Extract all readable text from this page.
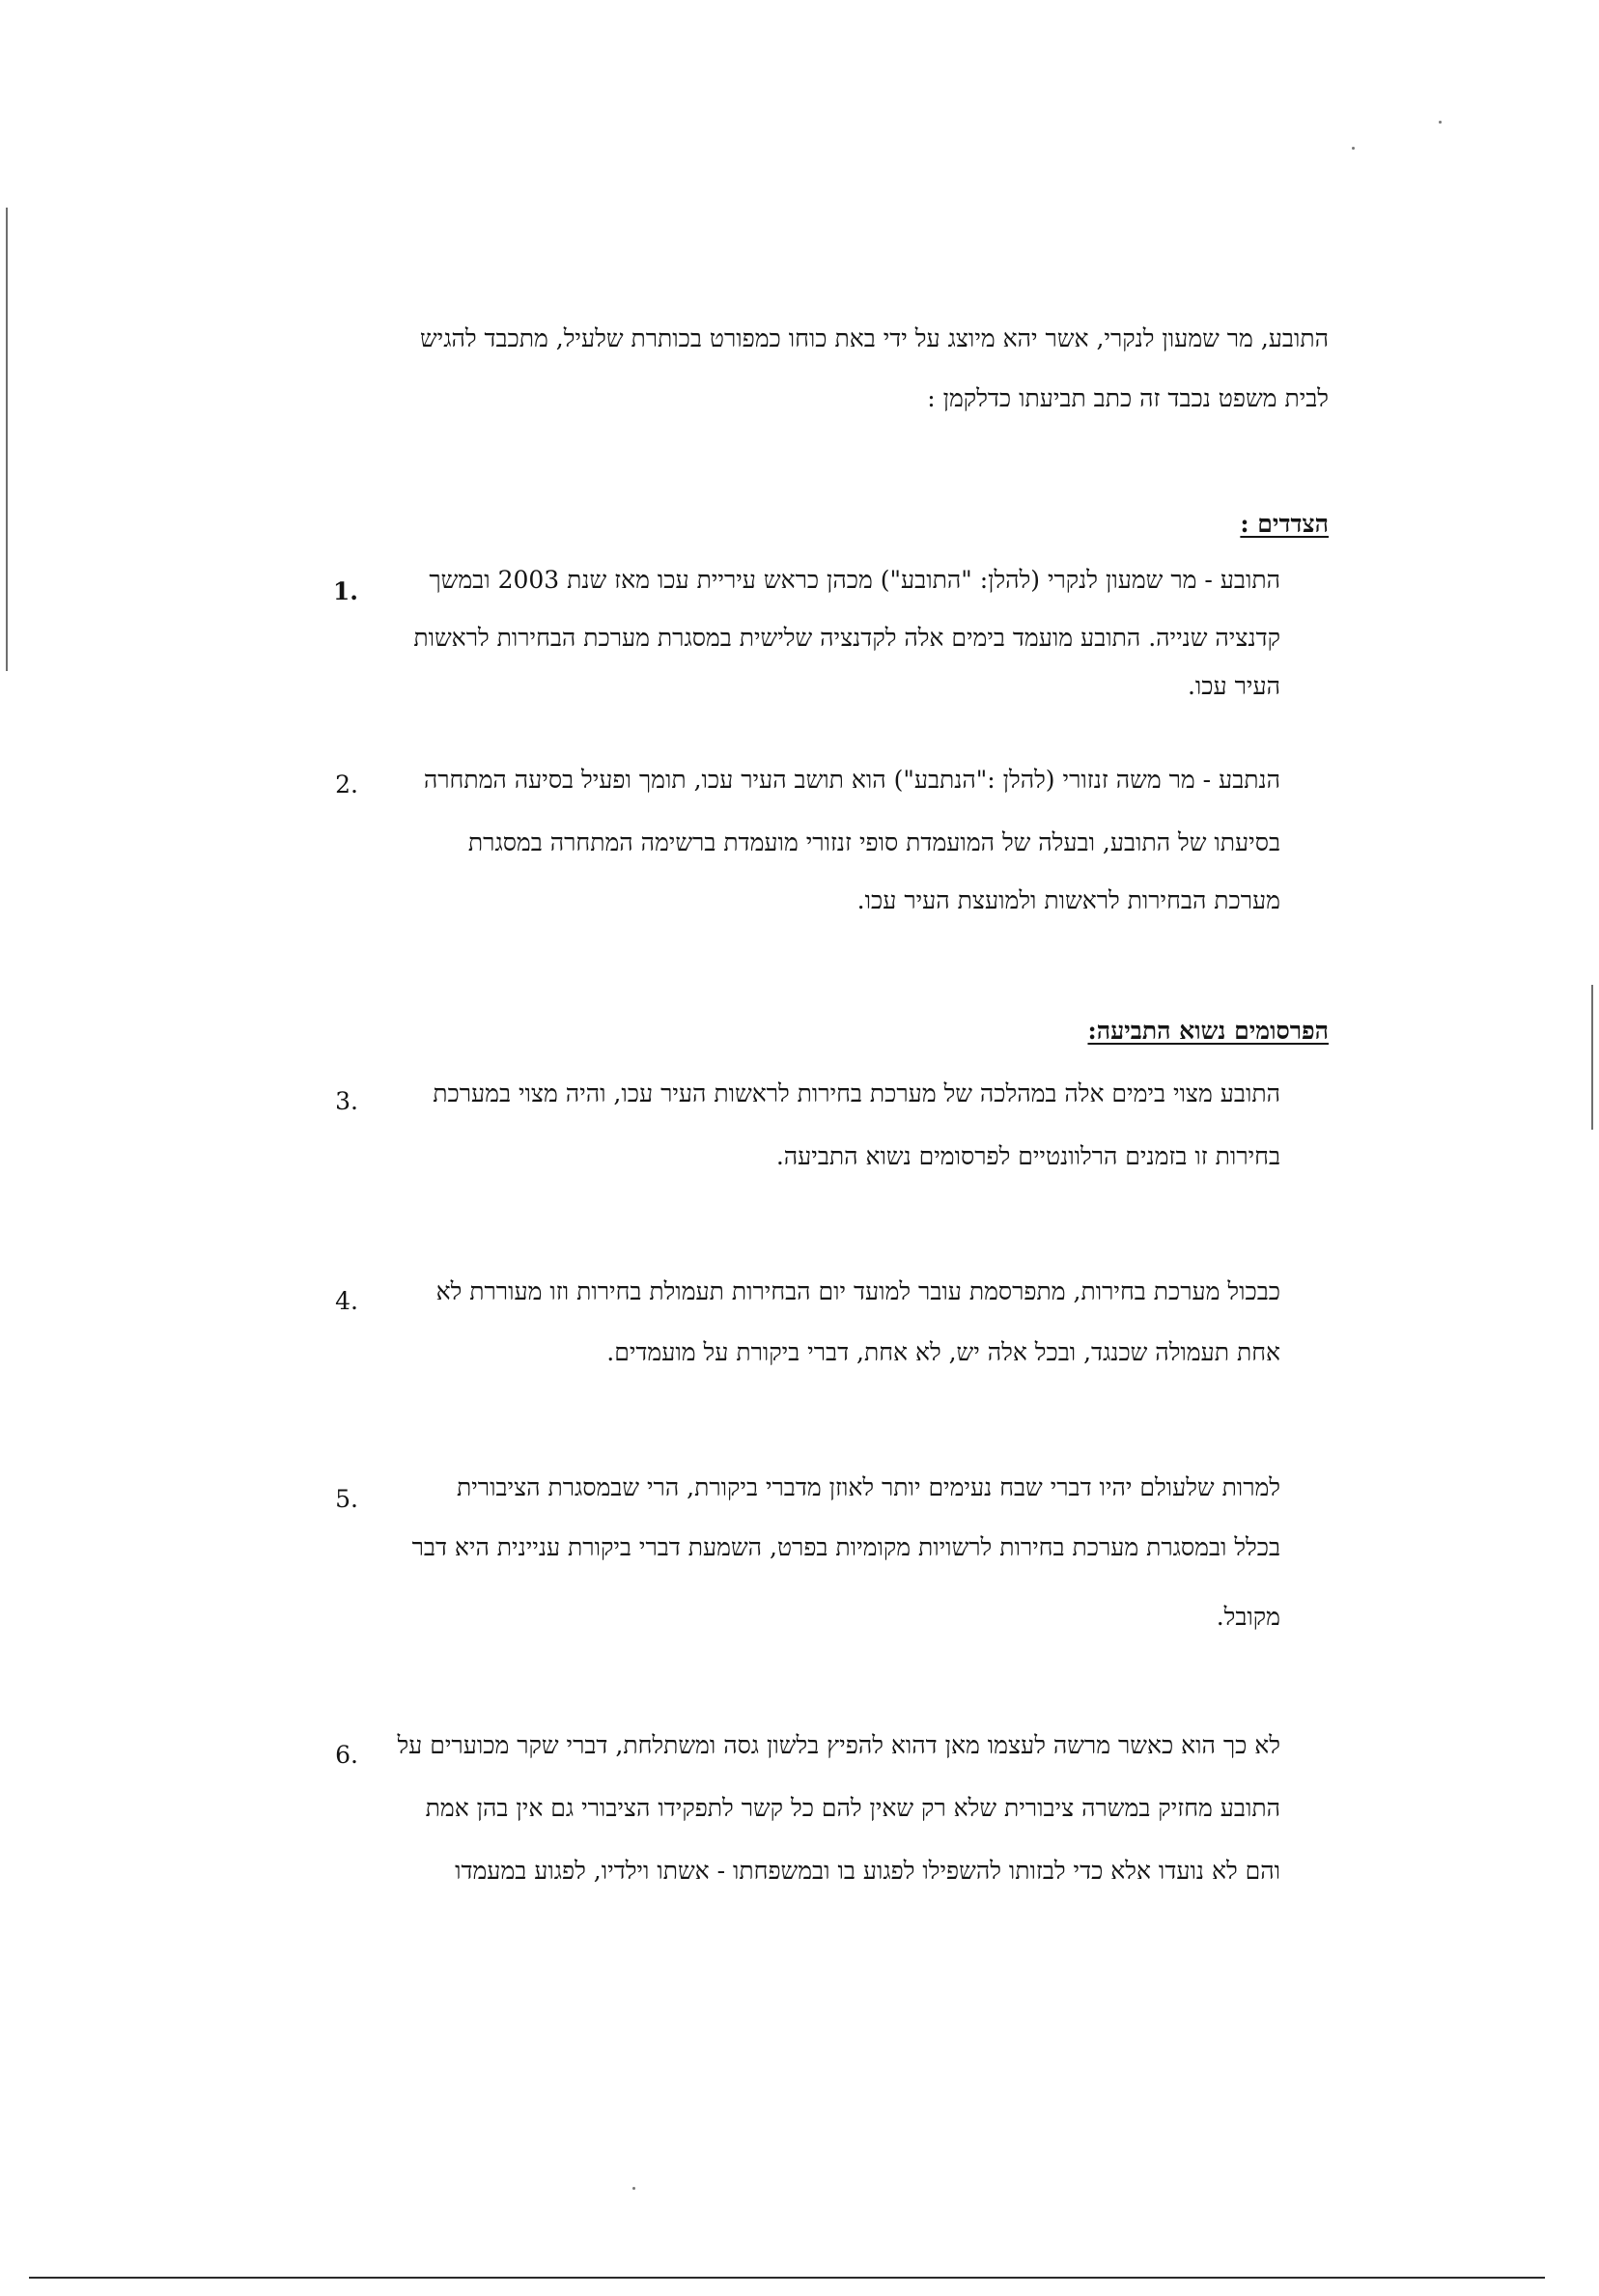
התובע, מר שמעון לנקרי, אשר יהא מיוצג על ידי באת כוחו כמפורט בכותרת שלעיל, מתכבד להגיש
לבית משפט נכבד זה כתב תביעתו כדלקמן :
הצדדים :
1.	התובע - מר שמעון לנקרי (להלן: "התובע") מכהן כראש עיריית עכו מאז שנת 2003 ובמשך
קדנציה שנייה. התובע מועמד בימים אלה לקדנציה שלישית במסגרת מערכת הבחירות לראשות
העיר עכו.
2.	הנתבע - מר משה זנזורי (להלן :"הנתבע") הוא תושב העיר עכו, תומך ופעיל בסיעה המתחרה
בסיעתו של התובע, ובעלה של המועמדת סופי זנזורי מועמדת ברשימה המתחרה במסגרת
מערכת הבחירות לראשות ולמועצת העיר עכו.
הפרסומים נשוא התביעה:
3.	התובע מצוי בימים אלה במהלכה של מערכת בחירות לראשות העיר עכו, והיה מצוי במערכת
בחירות זו בזמנים הרלוונטיים לפרסומים נשוא התביעה.
4.	כבכול מערכת בחירות, מתפרסמת עובר למועד יום הבחירות תעמולת בחירות וזו מעוררת לא
אחת תעמולה שכנגד, ובכל אלה יש, לא אחת, דברי ביקורת על מועמדים.
5.	למרות שלעולם יהיו דברי שבח נעימים יותר לאוזן מדברי ביקורת, הרי שבמסגרת הציבורית
בכלל ובמסגרת מערכת בחירות לרשויות מקומיות בפרט, השמעת דברי ביקורת עניינית היא דבר
מקובל.
6.	לא כך הוא כאשר מרשה לעצמו מאן דהוא להפיץ בלשון גסה ומשתלחת, דברי שקר מכוערים על
התובע מחזיק במשרה ציבורית שלא רק שאין להם כל קשר לתפקידו הציבורי גם אין בהן אמת
והם לא נועדו אלא כדי לבזותו להשפילו לפגוע בו ובמשפחתו - אשתו וילדיו, לפגוע במעמדו
